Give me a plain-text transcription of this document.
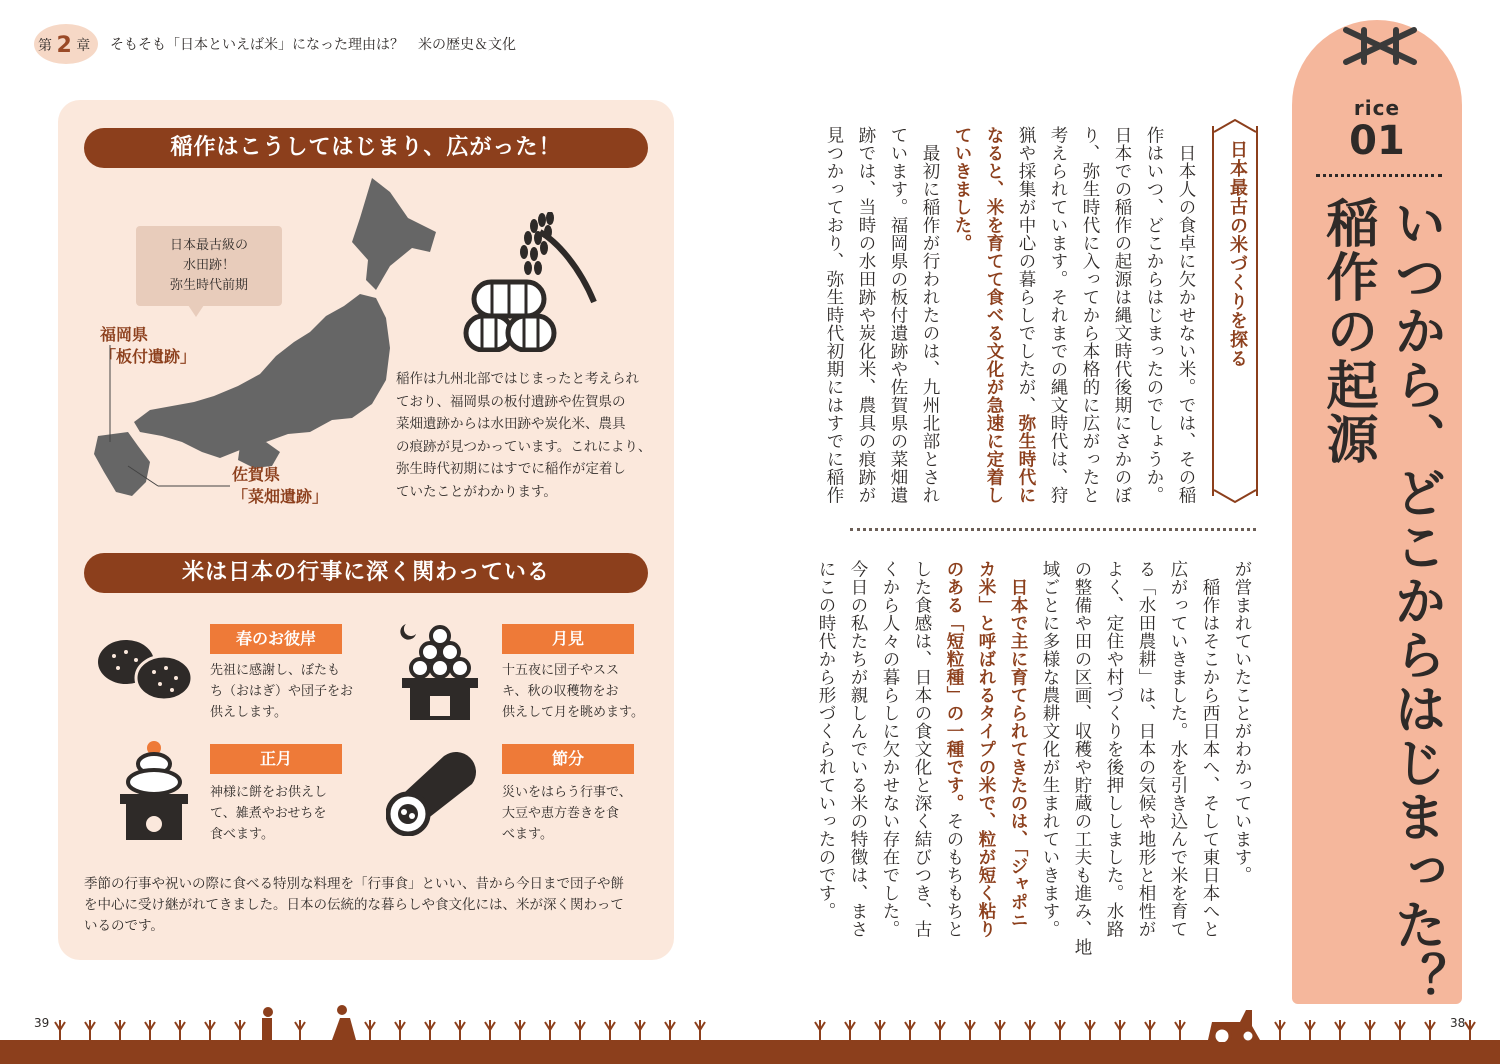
第 2 章 そもそも「日本といえば米」になった理由は？　米の歴史＆文化
稲作はこうしてはじまり、広がった！
日本最古級の
水田跡！
弥生時代前期
福岡県
「板付遺跡」
佐賀県
「菜畑遺跡」
稲作は九州北部ではじまったと考えられ
ており、福岡県の板付遺跡や佐賀県の
菜畑遺跡からは水田跡や炭化米、農具
の痕跡が見つかっています。これにより、
弥生時代初期にはすでに稲作が定着し
ていたことがわかります。
米は日本の行事に深く関わっている
春のお彼岸
先祖に感謝し、ぼたも
ち（おはぎ）や団子をお
供えします。
月見
十五夜に団子やスス
キ、秋の収穫物をお
供えして月を眺めます。
正月
神様に餅をお供えし
て、雑煮やおせちを
食べます。
節分
災いをはらう行事で、
大豆や恵方巻きを食
べます。
季節の行事や祝いの際に食べる特別な料理を「行事食」といい、昔から今日まで団子や餅
を中心に受け継がれてきました。日本の伝統的な暮らしや食文化には、米が深く関わって
いるのです。
rice
01
いつから、どこからはじまった？
稲作の起源
日本最古の米づくりを探る
　日本人の食卓に欠かせない米。では、その稲
作はいつ、どこからはじまったのでしょうか。
日本での稲作の起源は縄文時代後期にさかのぼ
り、弥生時代に入ってから本格的に広がったと
考えられています。それまでの縄文時代は、狩
猟や採集が中心の暮らしでしたが、弥生時代に
なると、米を育てて食べる文化が急速に定着し
ていきました。
　最初に稲作が行われたのは、九州北部とされ
ています。福岡県の板付遺跡や佐賀県の菜畑遺
跡では、当時の水田跡や炭化米、農具の痕跡が
見つかっており、弥生時代初期にはすでに稲作
が営まれていたことがわかっています。
　稲作はそこから西日本へ、そして東日本へと
広がっていきました。水を引き込んで米を育て
る「水田農耕」は、日本の気候や地形と相性が
よく、定住や村づくりを後押ししました。水路
の整備や田の区画、収穫や貯蔵の工夫も進み、地
域ごとに多様な農耕文化が生まれていきます。
　日本で主に育てられてきたのは、「ジャポニ
カ米」と呼ばれるタイプの米で、粒が短く粘り
のある「短粒種」の一種です。そのもちもちと
した食感は、日本の食文化と深く結びつき、古
くから人々の暮らしに欠かせない存在でした。
今日の私たちが親しんでいる米の特徴は、まさ
にこの時代から形づくられていったのです。
39	38
